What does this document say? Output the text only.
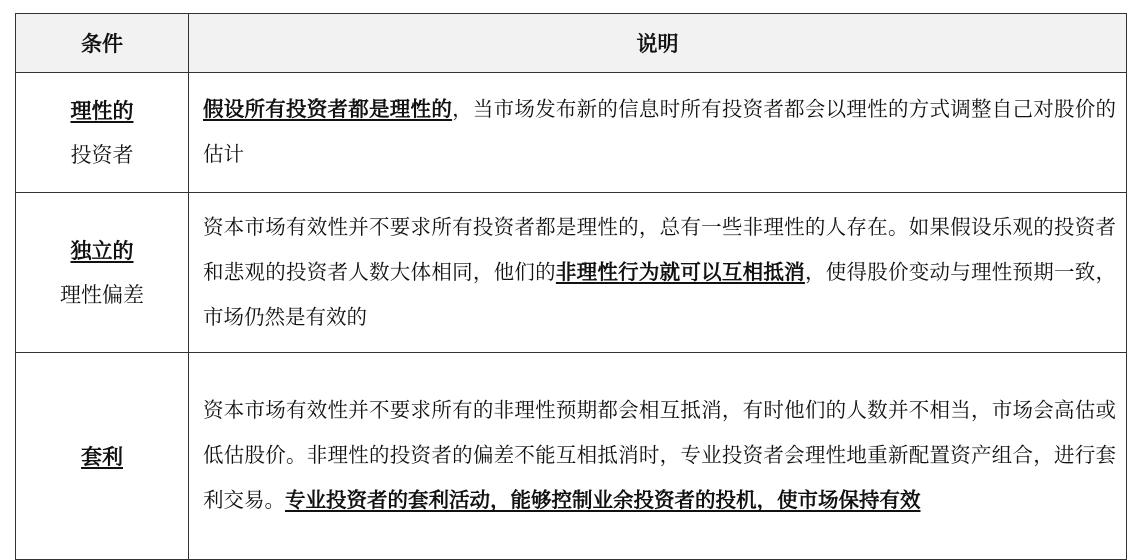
条件	说明

理性的
投资者	假设所有投资者都是理性的，当市场发布新的信息时所有投资者都会以理性的方式调整自己对股价的估计

独立的
理性偏差	资本市场有效性并不要求所有投资者都是理性的，总有一些非理性的人存在。如果假设乐观的投资者和悲观的投资者人数大体相同，他们的非理性行为就可以互相抵消，使得股价变动与理性预期一致，市场仍然是有效的

套利	资本市场有效性并不要求所有的非理性预期都会相互抵消，有时他们的人数并不相当，市场会高估或低估股价。非理性的投资者的偏差不能互相抵消时，专业投资者会理性地重新配置资产组合，进行套利交易。专业投资者的套利活动，能够控制业余投资者的投机，使市场保持有效
